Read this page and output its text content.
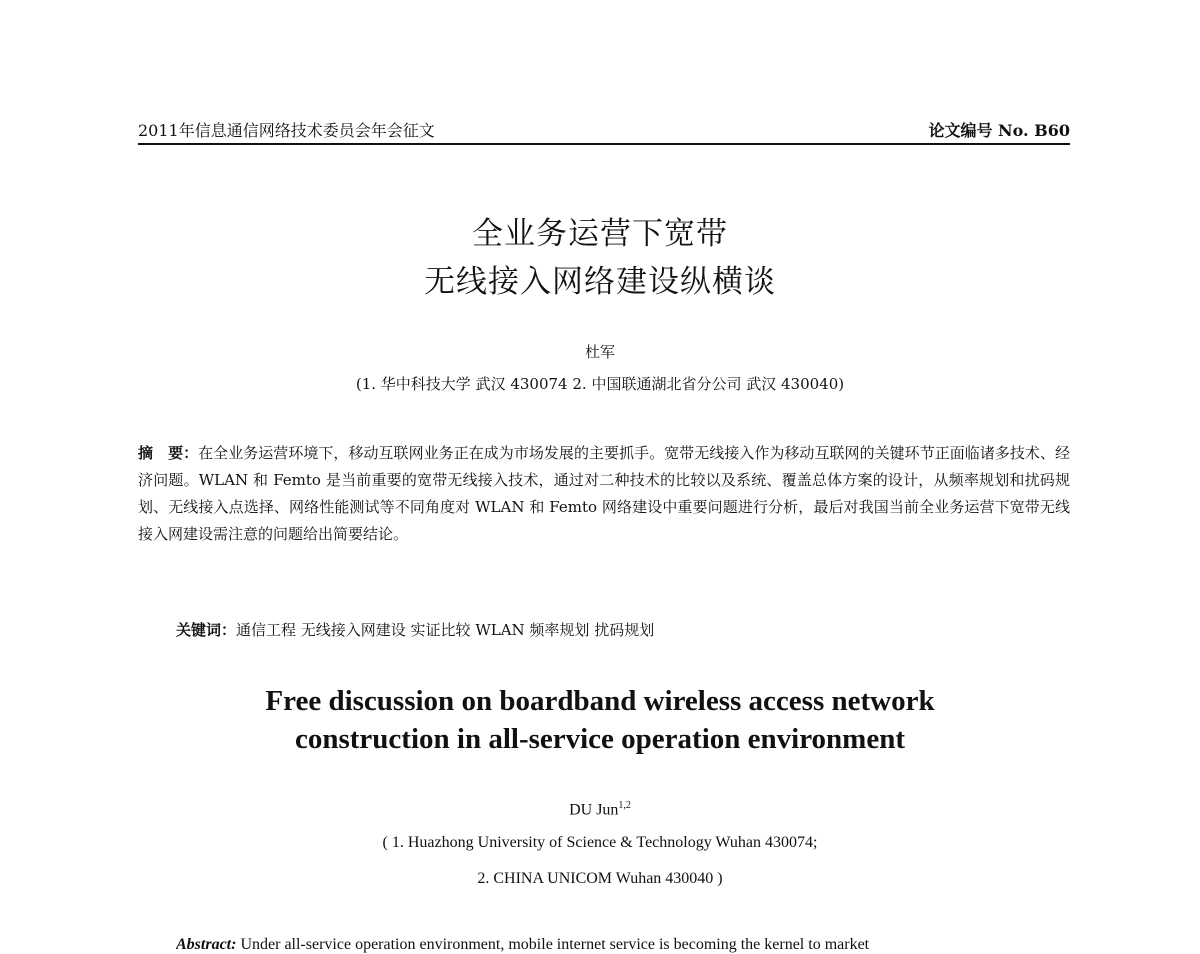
2011年信息通信网络技术委员会年会征文	论文编号 No. B60
全业务运营下宽带
无线接入网络建设纵横谈
杜军
(1. 华中科技大学 武汉 430074 2. 中国联通湖北省分公司 武汉 430040)
摘　要：在全业务运营环境下，移动互联网业务正在成为市场发展的主要抓手。宽带无线接入作为移动互联网的关键环节正面临诸多技术、经济问题。WLAN 和 Femto 是当前重要的宽带无线接入技术，通过对二种技术的比较以及系统、覆盖总体方案的设计，从频率规划和扰码规划、无线接入点选择、网络性能测试等不同角度对 WLAN 和 Femto 网络建设中重要问题进行分析，最后对我国当前全业务运营下宽带无线接入网建设需注意的问题给出简要结论。
关键词：通信工程 无线接入网建设 实证比较 WLAN 频率规划 扰码规划
Free discussion on boardband wireless access network
construction in all-service operation environment
DU Jun$^{1,2}$
( 1. Huazhong University of Science & Technology Wuhan 430074;
2. CHINA UNICOM Wuhan 430040 )
Abstract: Under all-service operation environment, mobile internet service is becoming the kernel to market
